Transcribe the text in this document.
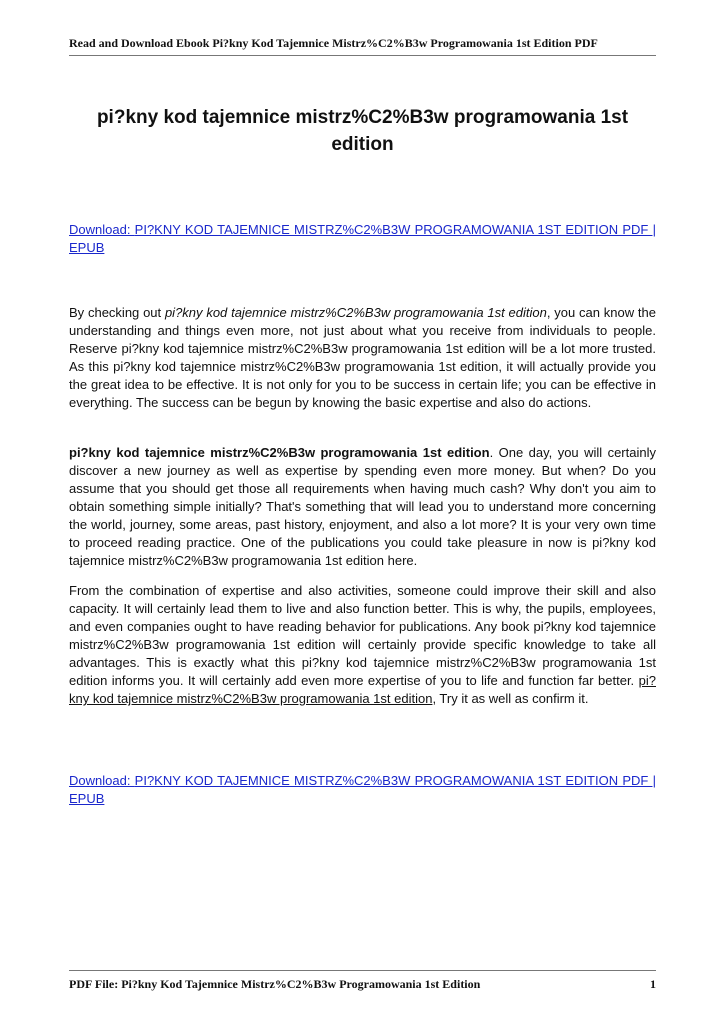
Read and Download Ebook Pi?kny Kod Tajemnice Mistrz%C2%B3w Programowania 1st Edition PDF
pi?kny kod tajemnice mistrz%C2%B3w programowania 1st edition
Download: PI?KNY KOD TAJEMNICE MISTRZ%C2%B3W PROGRAMOWANIA 1ST EDITION PDF | EPUB

By checking out pi?kny kod tajemnice mistrz%C2%B3w programowania 1st edition, you can know the understanding and things even more, not just about what you receive from individuals to people. Reserve pi?kny kod tajemnice mistrz%C2%B3w programowania 1st edition will be a lot more trusted. As this pi?kny kod tajemnice mistrz%C2%B3w programowania 1st edition, it will actually provide you the great idea to be effective. It is not only for you to be success in certain life; you can be effective in everything. The success can be begun by knowing the basic expertise and also do actions.

pi?kny kod tajemnice mistrz%C2%B3w programowania 1st edition. One day, you will certainly discover a new journey as well as expertise by spending even more money. But when? Do you assume that you should get those all requirements when having much cash? Why don't you aim to obtain something simple initially? That's something that will lead you to understand more concerning the world, journey, some areas, past history, enjoyment, and also a lot more? It is your very own time to proceed reading practice. One of the publications you could take pleasure in now is pi?kny kod tajemnice mistrz%C2%B3w programowania 1st edition here.

From the combination of expertise and also activities, someone could improve their skill and also capacity. It will certainly lead them to live and also function better. This is why, the pupils, employees, and even companies ought to have reading behavior for publications. Any book pi?kny kod tajemnice mistrz%C2%B3w programowania 1st edition will certainly provide specific knowledge to take all advantages. This is exactly what this pi?kny kod tajemnice mistrz%C2%B3w programowania 1st edition informs you. It will certainly add even more expertise of you to life and function far better. pi?kny kod tajemnice mistrz%C2%B3w programowania 1st edition, Try it as well as confirm it.

Download: PI?KNY KOD TAJEMNICE MISTRZ%C2%B3W PROGRAMOWANIA 1ST EDITION PDF | EPUB
PDF File: Pi?kny Kod Tajemnice Mistrz%C2%B3w Programowania 1st Edition	1
